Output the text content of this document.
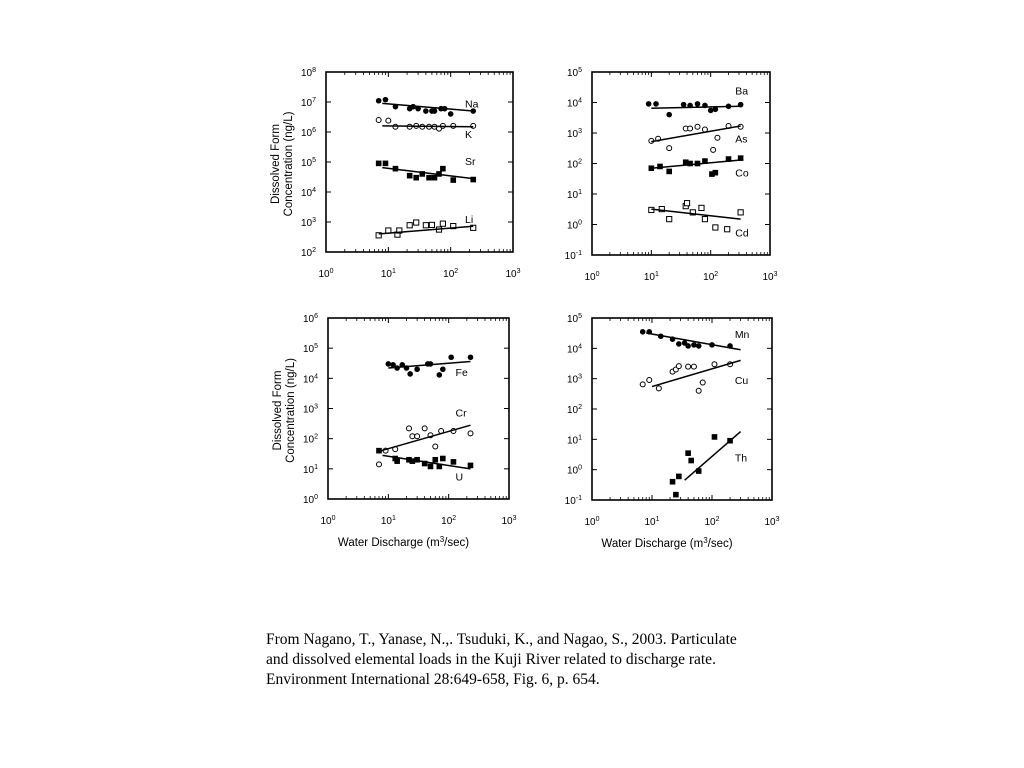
$10^0$	$10^1$	$10^2$	$10^3$
$10^2$
$10^3$
$10^4$
$10^5$
$10^6$
$10^7$
$10^8$
Dissolved FormConcentration (ng/L)
Na
K
Sr
Li
$10^0$	$10^1$	$10^2$	$10^3$
$10^{-1}$
$10^0$
$10^1$
$10^2$
$10^3$
$10^4$
$10^5$
Ba
As
Co
Cd
$10^0$	$10^1$	$10^2$	$10^3$
$10^0$
$10^1$
$10^2$
$10^3$
$10^4$
$10^5$
$10^6$
Dissolved FormConcentration (ng/L)
Water Discharge $(m^3/\sec)$
Fe
Cr
U
$10^0$	$10^1$	$10^2$	$10^3$
$10^{-1}$
$10^0$
$10^1$
$10^2$
$10^3$
$10^4$
$10^5$
Water Discharge $(m^3/\sec)$
Mn
Cu
Th
From Nagano, T., Yanase, N.,. Tsuduki, K., and Nagao, S., 2003. Particulate
and dissolved elemental loads in the Kuji River related to discharge rate.
Environment International 28:649-658, Fig. 6, p. 654.
